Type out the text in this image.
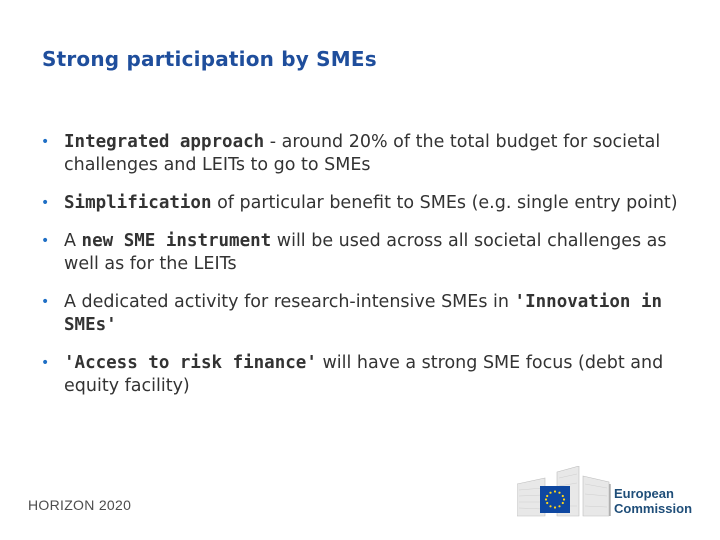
Strong participation by SMEs
• Integrated approach - around 20% of the total budget for societal challenges and LEITs to go to SMEs
• Simplification of particular benefit to SMEs (e.g. single entry point)
• A new SME instrument will be used across all societal challenges as well as for the LEITs
• A dedicated activity for research-intensive SMEs in 'Innovation in SMEs'
• 'Access to risk finance' will have a strong SME focus (debt and equity facility)
HORIZON 2020
European
Commission
